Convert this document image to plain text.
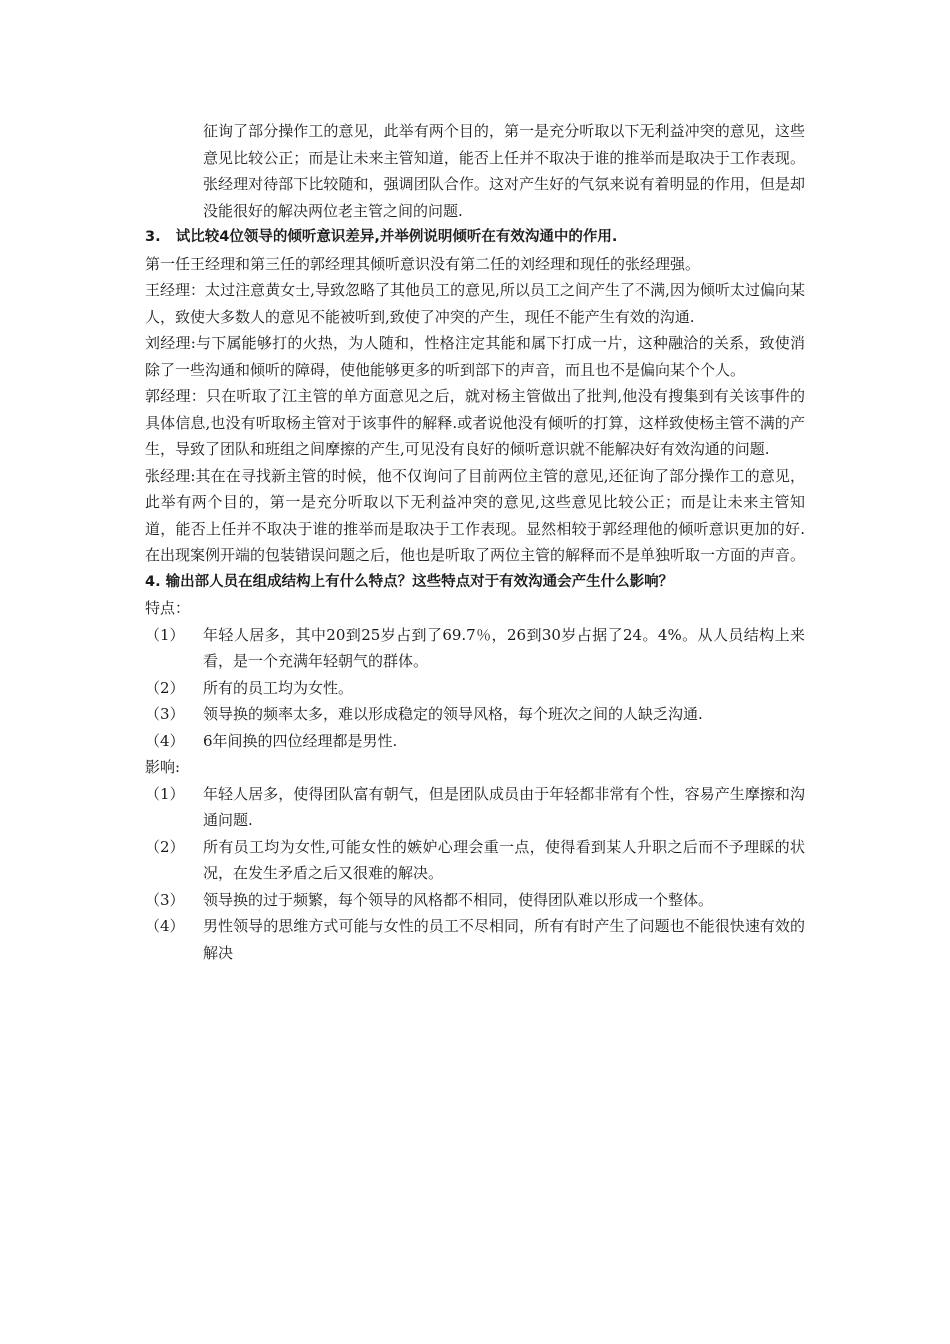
征询了部分操作工的意见，此举有两个目的，第一是充分听取以下无利益冲突的意见，这些意见比较公正；而是让未来主管知道，能否上任并不取决于谁的推举而是取决于工作表现。张经理对待部下比较随和，强调团队合作。这对产生好的气氛来说有着明显的作用，但是却没能很好的解决两位老主管之间的问题.

3.   试比较4位领导的倾听意识差异,并举例说明倾听在有效沟通中的作用.

第一任王经理和第三任的郭经理其倾听意识没有第二任的刘经理和现任的张经理强。

王经理：太过注意黄女士,导致忽略了其他员工的意见,所以员工之间产生了不满,因为倾听太过偏向某人，致使大多数人的意见不能被听到,致使了冲突的产生，现任不能产生有效的沟通.

刘经理:与下属能够打的火热，为人随和，性格注定其能和属下打成一片，这种融洽的关系，致使消除了一些沟通和倾听的障碍，使他能够更多的听到部下的声音，而且也不是偏向某个个人。

郭经理：只在听取了江主管的单方面意见之后，就对杨主管做出了批判,他没有搜集到有关该事件的具体信息,也没有听取杨主管对于该事件的解释.或者说他没有倾听的打算，这样致使杨主管不满的产生，导致了团队和班组之间摩擦的产生,可见没有良好的倾听意识就不能解决好有效沟通的问题.

张经理:其在在寻找新主管的时候，他不仅询问了目前两位主管的意见,还征询了部分操作工的意见，此举有两个目的，第一是充分听取以下无利益冲突的意见,这些意见比较公正；而是让未来主管知道，能否上任并不取决于谁的推举而是取决于工作表现。显然相较于郭经理他的倾听意识更加的好.在出现案例开端的包装错误问题之后，他也是听取了两位主管的解释而不是单独听取一方面的声音。

4. 输出部人员在组成结构上有什么特点？这些特点对于有效沟通会产生什么影响？
特点：
（1）	年轻人居多，其中20到25岁占到了69.7％，26到30岁占据了24。4%。从人员结构上来看，是一个充满年轻朝气的群体。
（2）	所有的员工均为女性。
（3）	领导换的频率太多，难以形成稳定的领导风格，每个班次之间的人缺乏沟通.
（4）	6年间换的四位经理都是男性.
影响:
（1）	年轻人居多，使得团队富有朝气，但是团队成员由于年轻都非常有个性，容易产生摩擦和沟通问题.
（2）	所有员工均为女性,可能女性的嫉妒心理会重一点，使得看到某人升职之后而不予理睬的状况，在发生矛盾之后又很难的解决。
（3）	领导换的过于频繁，每个领导的风格都不相同，使得团队难以形成一个整体。
（4）	男性领导的思维方式可能与女性的员工不尽相同，所有有时产生了问题也不能很快速有效的解决
